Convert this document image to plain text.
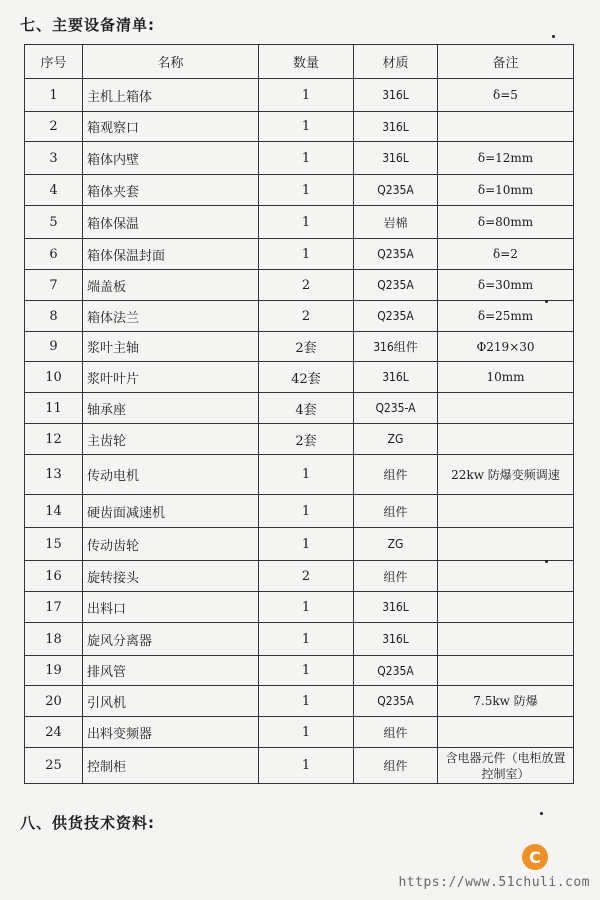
七、主要设备清单:
序号	名称	数量	材质	备注
1	主机上箱体	1	316L	δ=5
2	箱观察口	1	316L	
3	箱体内壁	1	316L	δ=12mm
4	箱体夹套	1	Q235A	δ=10mm
5	箱体保温	1	岩棉	δ=80mm
6	箱体保温封面	1	Q235A	δ=2
7	端盖板	2	Q235A	δ=30mm
8	箱体法兰	2	Q235A	δ=25mm
9	浆叶主轴	2套	316组件	Φ219×30
10	浆叶叶片	42套	316L	10mm
11	轴承座	4套	Q235-A	
12	主齿轮	2套	ZG	
13	传动电机	1	组件	22kw 防爆变频调速
14	硬齿面减速机	1	组件	
15	传动齿轮	1	ZG	
16	旋转接头	2	组件	
17	出料口	1	316L	
18	旋风分离器	1	316L	
19	排风管	1	Q235A	
20	引风机	1	Q235A	7.5kw 防爆
24	出料变频器	1	组件	
25	控制柜	1	组件	含电器元件（电柜放置控制室）
八、供货技术资料:
C
https://www.51chuli.com
